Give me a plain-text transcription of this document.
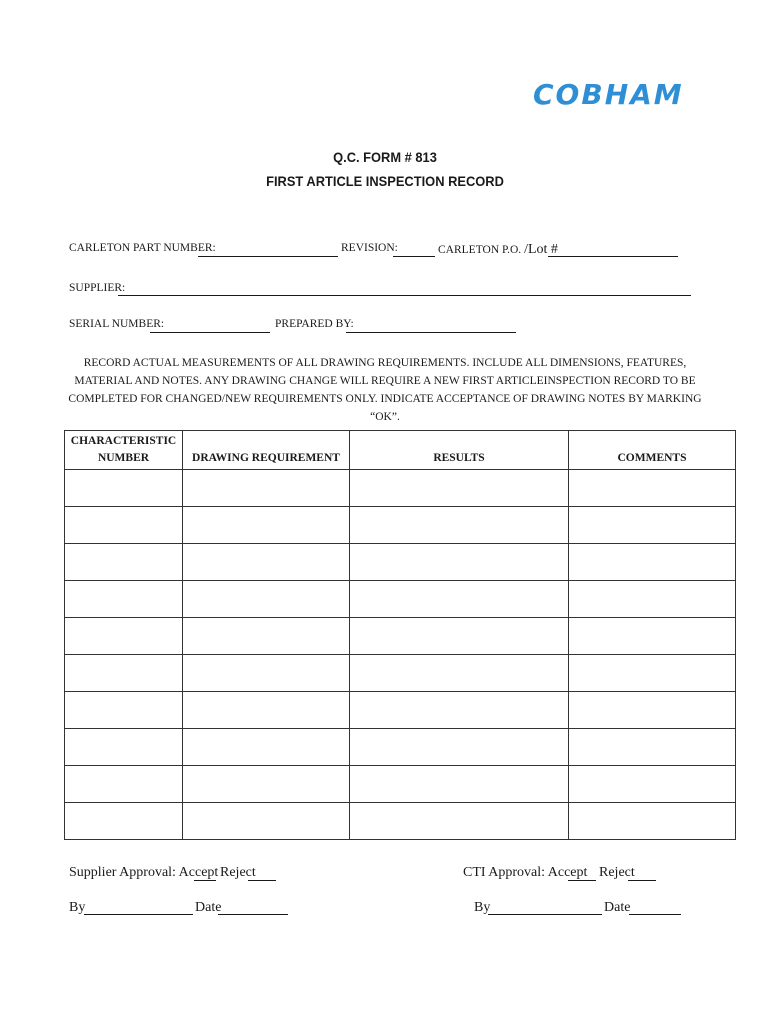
COBHAM
Q.C. FORM # 813
FIRST ARTICLE INSPECTION RECORD
CARLETON PART NUMBER:	REVISION:	CARLETON P.O. /Lot #
SUPPLIER:
SERIAL NUMBER:	PREPARED BY:
RECORD ACTUAL MEASUREMENTS OF ALL DRAWING REQUIREMENTS. INCLUDE ALL DIMENSIONS, FEATURES,
MATERIAL AND NOTES. ANY DRAWING CHANGE WILL REQUIRE A NEW FIRST ARTICLEINSPECTION RECORD TO BE
COMPLETED FOR CHANGED/NEW REQUIREMENTS ONLY. INDICATE ACCEPTANCE OF DRAWING NOTES BY MARKING “OK”.
CHARACTERISTIC
NUMBER	DRAWING REQUIREMENT	RESULTS	COMMENTS

Supplier Approval: Accept Reject	CTI Approval: Accept Reject
By	Date	By	Date
